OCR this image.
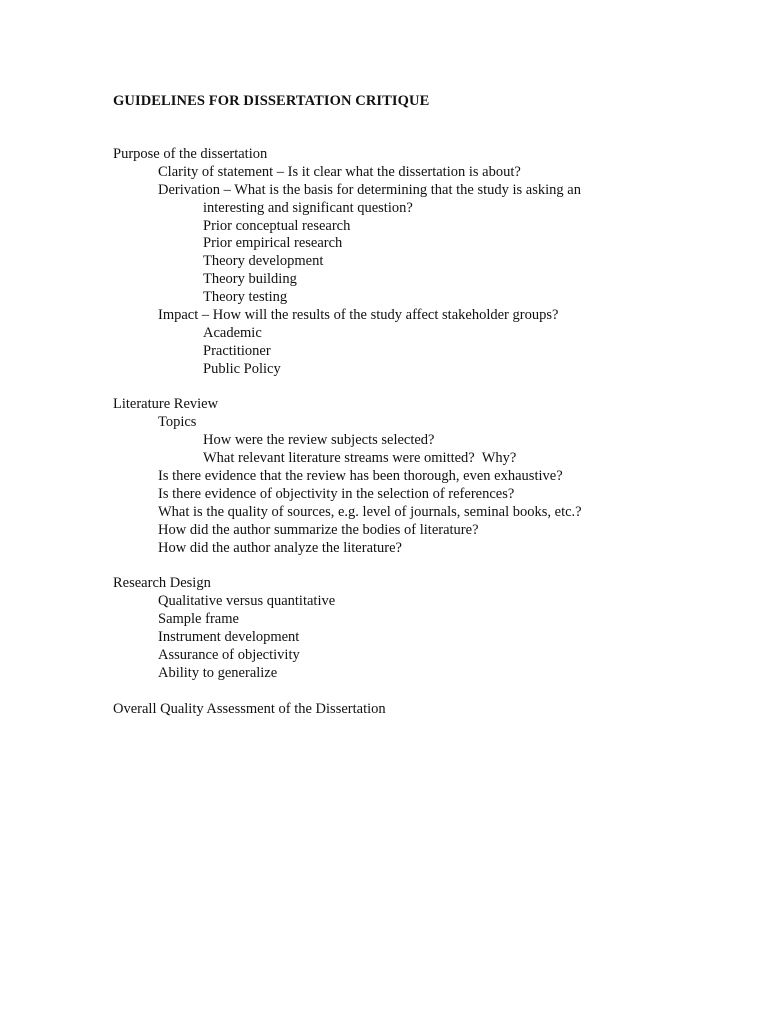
GUIDELINES FOR DISSERTATION CRITIQUE
Purpose of the dissertation
Clarity of statement – Is it clear what the dissertation is about?
Derivation – What is the basis for determining that the study is asking an
interesting and significant question?
Prior conceptual research
Prior empirical research
Theory development
Theory building
Theory testing
Impact – How will the results of the study affect stakeholder groups?
Academic
Practitioner
Public Policy
Literature Review
Topics
How were the review subjects selected?
What relevant literature streams were omitted?  Why?
Is there evidence that the review has been thorough, even exhaustive?
Is there evidence of objectivity in the selection of references?
What is the quality of sources, e.g. level of journals, seminal books, etc.?
How did the author summarize the bodies of literature?
How did the author analyze the literature?
Research Design
Qualitative versus quantitative
Sample frame
Instrument development
Assurance of objectivity
Ability to generalize
Overall Quality Assessment of the Dissertation
